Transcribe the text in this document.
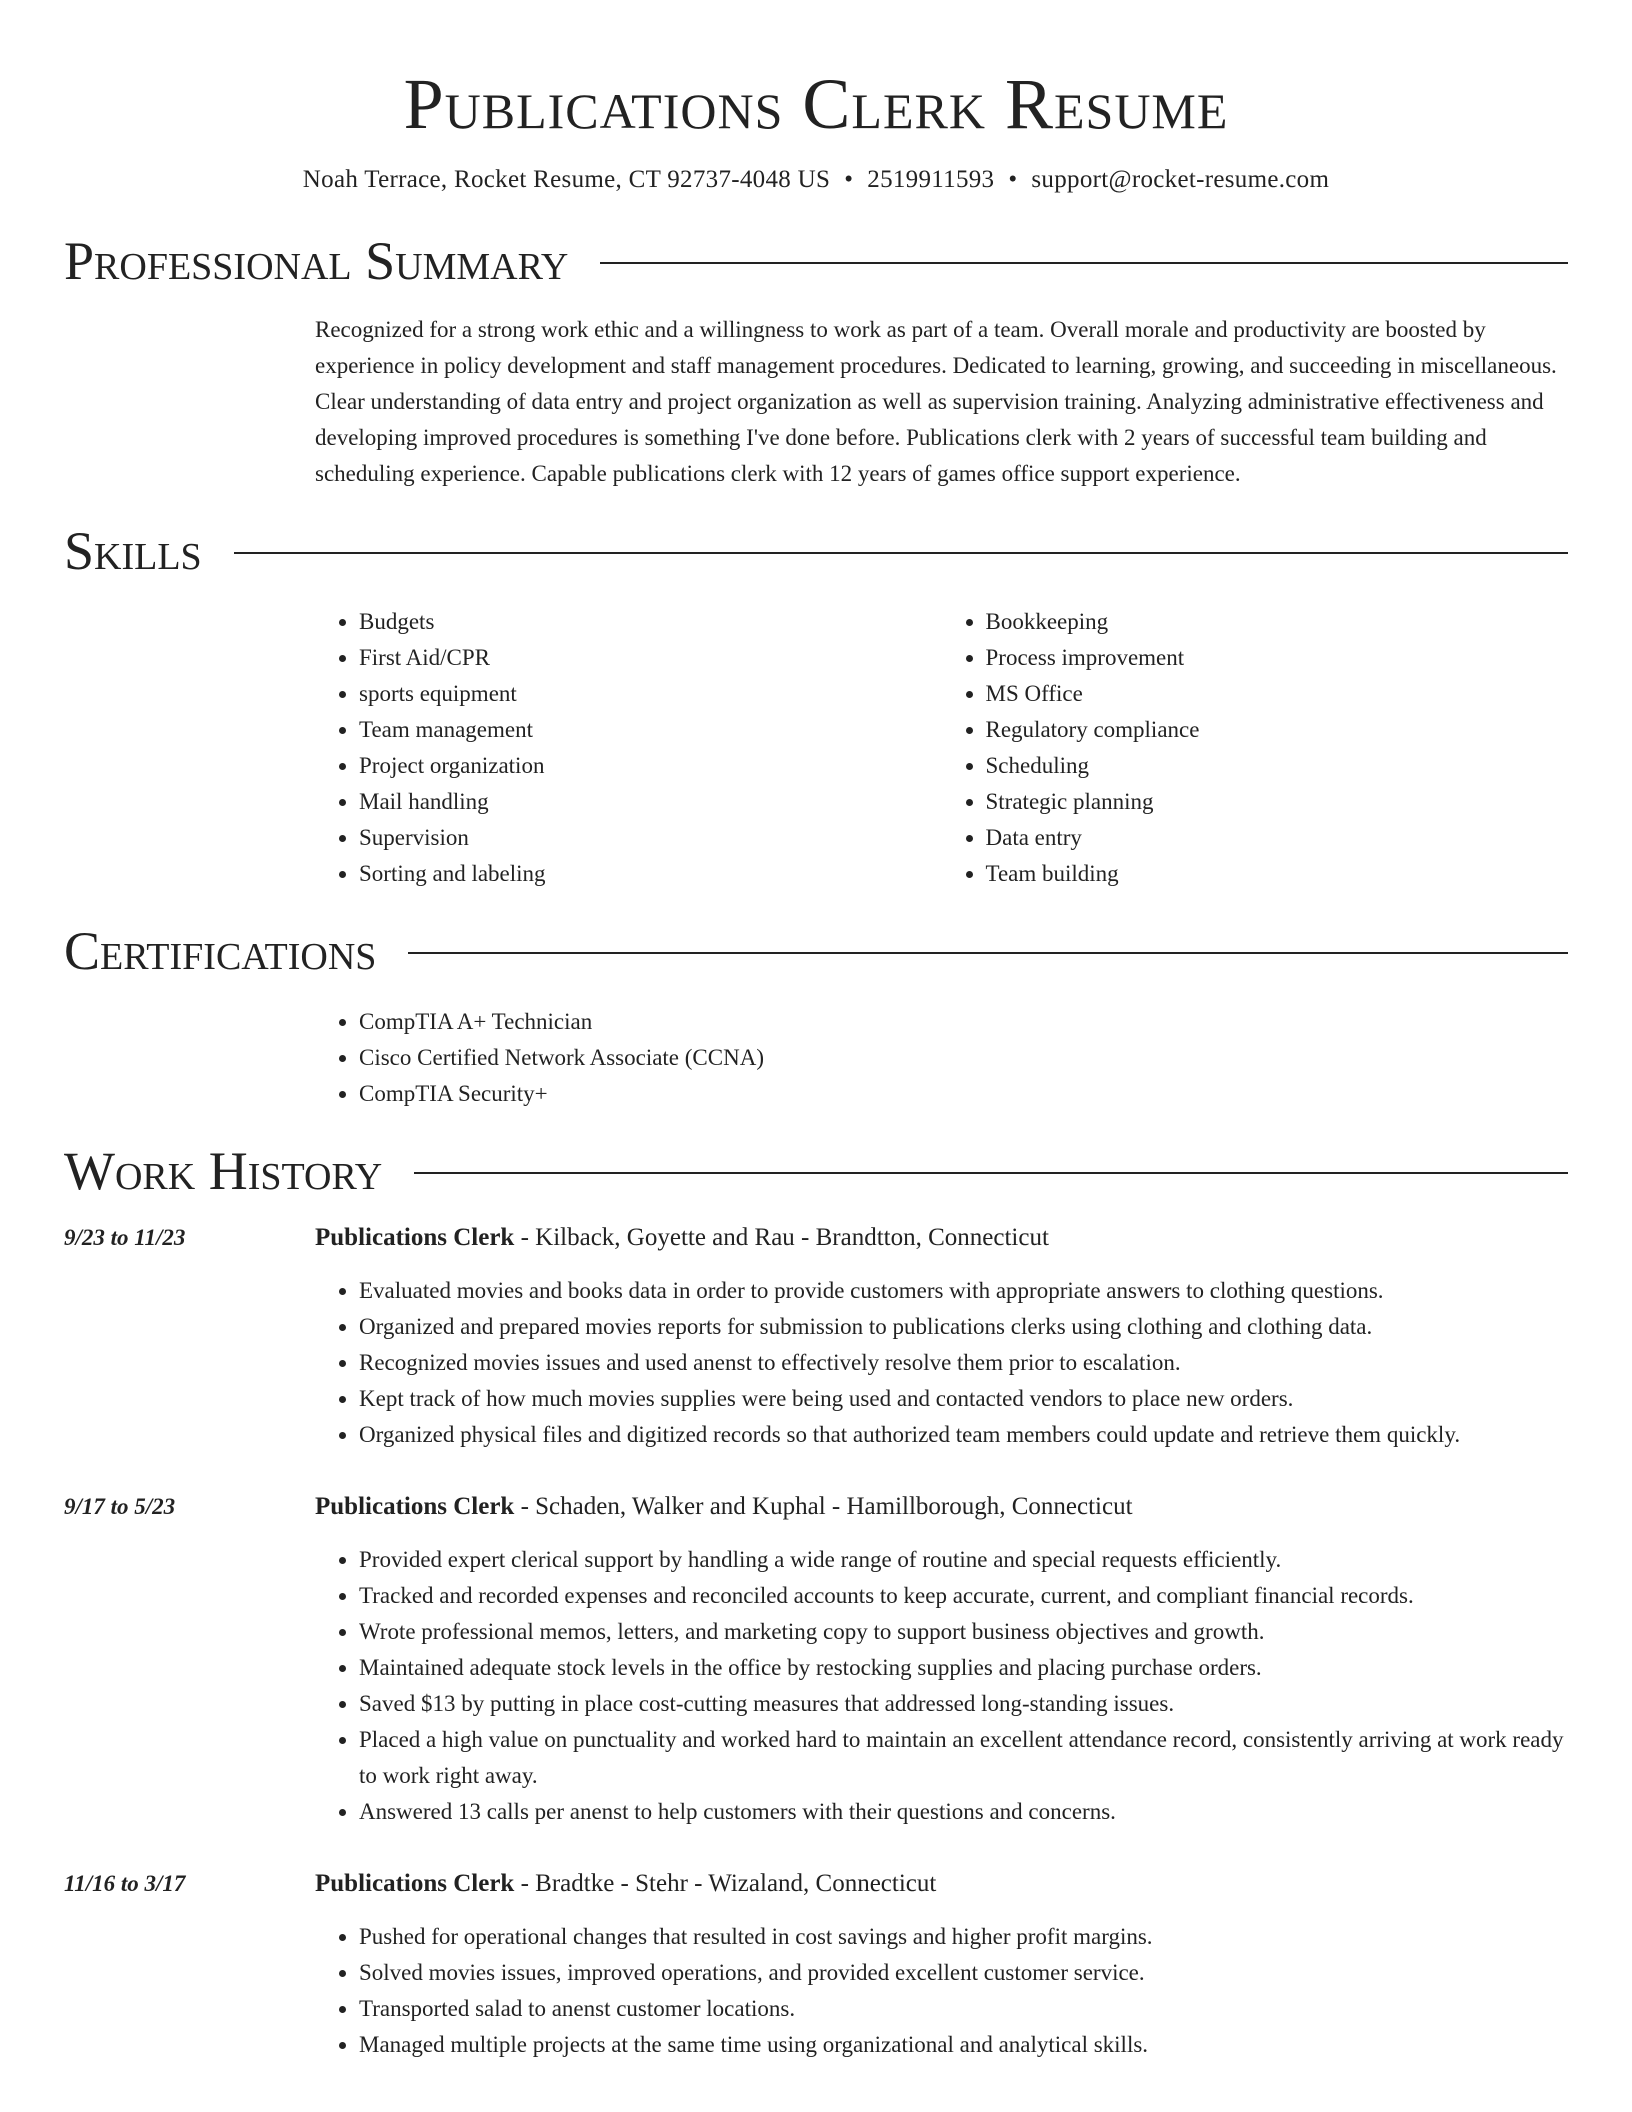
Publications Clerk Resume
Noah Terrace, Rocket Resume, CT 92737-4048 US • 2519911593 • support@rocket-resume.com
Professional Summary

Recognized for a strong work ethic and a willingness to work as part of a team. Overall morale and productivity are boosted by experience in policy development and staff management procedures. Dedicated to learning, growing, and succeeding in miscellaneous. Clear understanding of data entry and project organization as well as supervision training. Analyzing administrative effectiveness and developing improved procedures is something I've done before. Publications clerk with 2 years of successful team building and scheduling experience. Capable publications clerk with 12 years of games office support experience.

Skills
• Budgets
• First Aid/CPR
• sports equipment
• Team management
• Project organization
• Mail handling
• Supervision
• Sorting and labeling
• Bookkeeping
• Process improvement
• MS Office
• Regulatory compliance
• Scheduling
• Strategic planning
• Data entry
• Team building
Certifications
• CompTIA A+ Technician
• Cisco Certified Network Associate (CCNA)
• CompTIA Security+
Work History
9/23 to 11/23	Publications Clerk - Kilback, Goyette and Rau - Brandtton, Connecticut
• Evaluated movies and books data in order to provide customers with appropriate answers to clothing questions.
• Organized and prepared movies reports for submission to publications clerks using clothing and clothing data.
• Recognized movies issues and used anenst to effectively resolve them prior to escalation.
• Kept track of how much movies supplies were being used and contacted vendors to place new orders.
• Organized physical files and digitized records so that authorized team members could update and retrieve them quickly.
9/17 to 5/23	Publications Clerk - Schaden, Walker and Kuphal - Hamillborough, Connecticut
• Provided expert clerical support by handling a wide range of routine and special requests efficiently.
• Tracked and recorded expenses and reconciled accounts to keep accurate, current, and compliant financial records.
• Wrote professional memos, letters, and marketing copy to support business objectives and growth.
• Maintained adequate stock levels in the office by restocking supplies and placing purchase orders.
• Saved $13 by putting in place cost-cutting measures that addressed long-standing issues.
• Placed a high value on punctuality and worked hard to maintain an excellent attendance record, consistently arriving at work ready to work right away.
• Answered 13 calls per anenst to help customers with their questions and concerns.
11/16 to 3/17	Publications Clerk - Bradtke - Stehr - Wizaland, Connecticut
• Pushed for operational changes that resulted in cost savings and higher profit margins.
• Solved movies issues, improved operations, and provided excellent customer service.
• Transported salad to anenst customer locations.
• Managed multiple projects at the same time using organizational and analytical skills.
